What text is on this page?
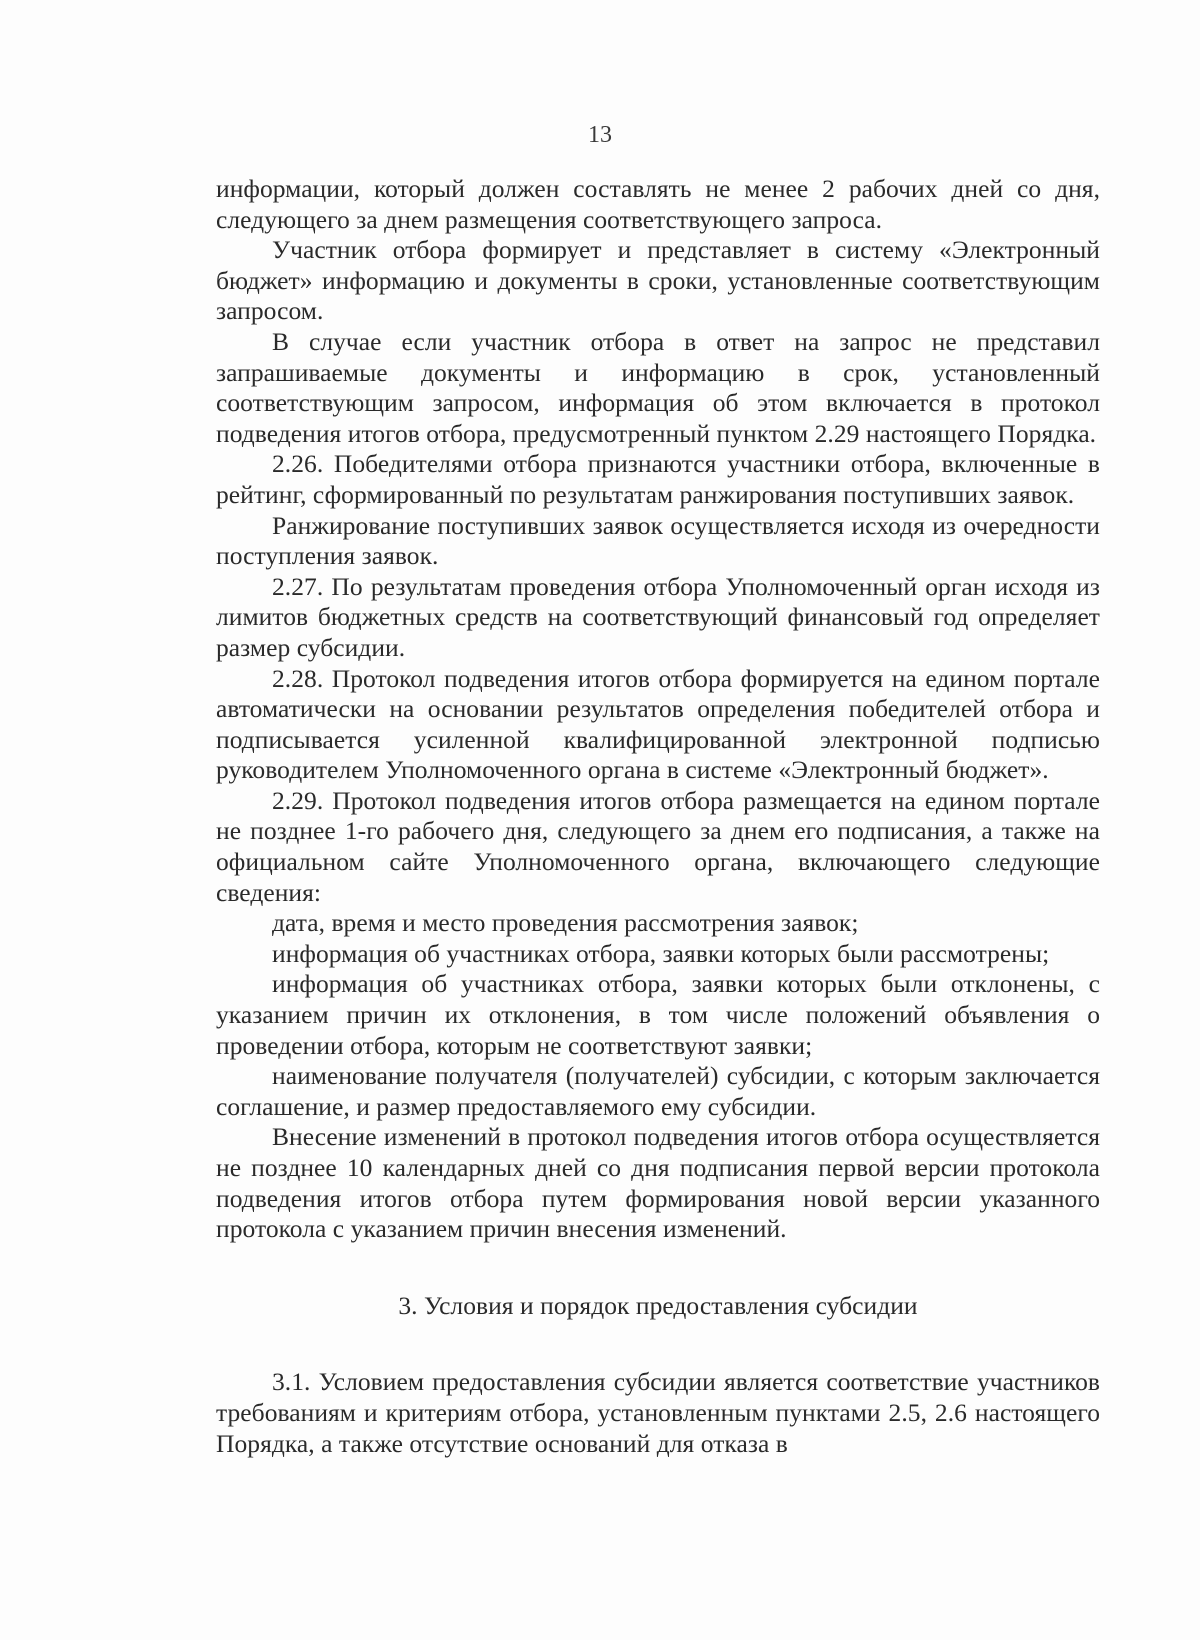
13

информации, который должен составлять не менее 2 рабочих дней со дня, следующего за днем размещения соответствующего запроса.

Участник отбора формирует и представляет в систему «Электронный бюджет» информацию и документы в сроки, установленные соответствующим запросом.

В случае если участник отбора в ответ на запрос не представил запрашиваемые документы и информацию в срок, установленный соответствующим запросом, информация об этом включается в протокол подведения итогов отбора, предусмотренный пунктом 2.29 настоящего Порядка.

2.26. Победителями отбора признаются участники отбора, включенные в рейтинг, сформированный по результатам ранжирования поступивших заявок.

Ранжирование поступивших заявок осуществляется исходя из очередности поступления заявок.

2.27. По результатам проведения отбора Уполномоченный орган исходя из лимитов бюджетных средств на соответствующий финансовый год определяет размер субсидии.

2.28. Протокол подведения итогов отбора формируется на едином портале автоматически на основании результатов определения победителей отбора и подписывается усиленной квалифицированной электронной подписью руководителем Уполномоченного органа в системе «Электронный бюджет».

2.29. Протокол подведения итогов отбора размещается на едином портале не позднее 1-го рабочего дня, следующего за днем его подписания, а также на официальном сайте Уполномоченного органа, включающего следующие сведения:

дата, время и место проведения рассмотрения заявок;

информация об участниках отбора, заявки которых были рассмотрены;

информация об участниках отбора, заявки которых были отклонены, с указанием причин их отклонения, в том числе положений объявления о проведении отбора, которым не соответствуют заявки;

наименование получателя (получателей) субсидии, с которым заключается соглашение, и размер предоставляемого ему субсидии.

Внесение изменений в протокол подведения итогов отбора осуществляется не позднее 10 календарных дней со дня подписания первой версии протокола подведения итогов отбора путем формирования новой версии указанного протокола с указанием причин внесения изменений.

3. Условия и порядок предоставления субсидии

3.1. Условием предоставления субсидии является соответствие участников требованиям и критериям отбора, установленным пунктами 2.5, 2.6 настоящего Порядка, а также отсутствие оснований для отказа в
